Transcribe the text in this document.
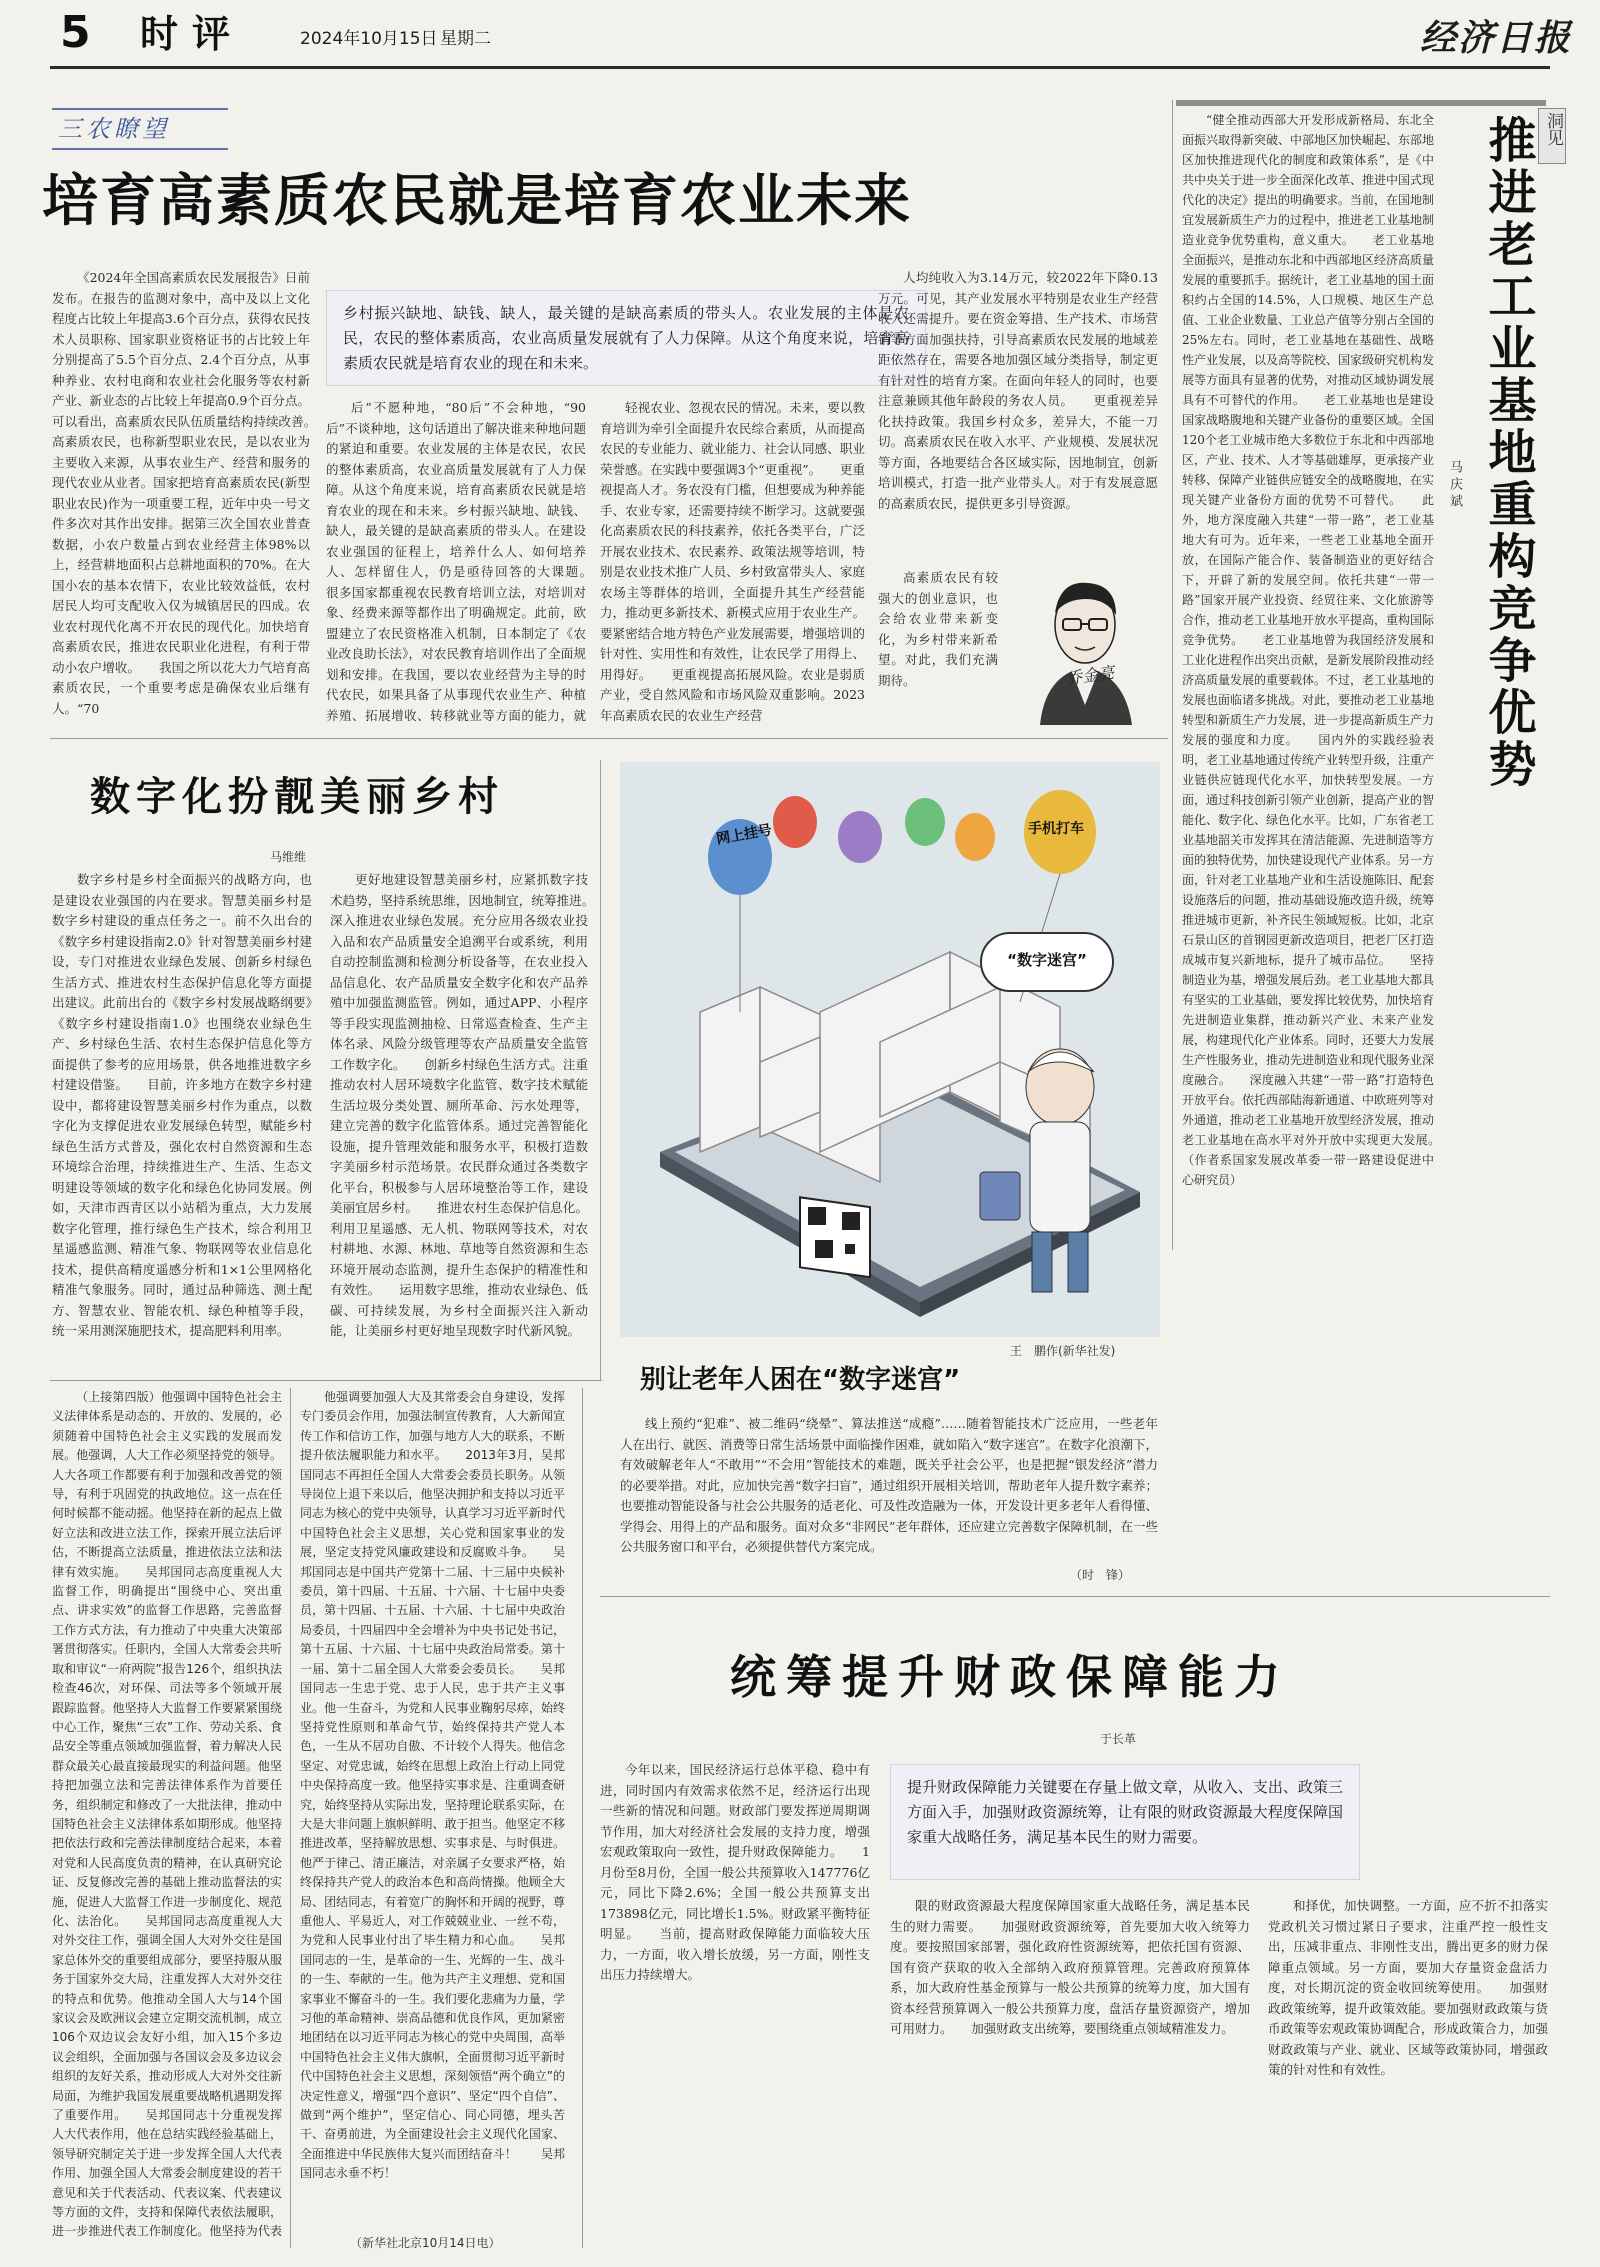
5 时评	2024年10月15日 星期二	经济日报
三农瞭望
培育高素质农民就是培育农业未来

《2024年全国高素质农民发展报告》日前发布。在报告的监测对象中，高中及以上文化程度占比较上年提高3.6个百分点，获得农民技术人员职称、国家职业资格证书的占比较上年分别提高了5.5个百分点、2.4个百分点，从事种养业、农村电商和农业社会化服务等农村新产业、新业态的占比较上年提高0.9个百分点。可以看出，高素质农民队伍质量结构持续改善。　　高素质农民，也称新型职业农民，是以农业为主要收入来源，从事农业生产、经营和服务的现代农业从业者。国家把培育高素质农民(新型职业农民)作为一项重要工程，近年中央一号文件多次对其作出安排。据第三次全国农业普查数据，小农户数量占到农业经营主体98%以上，经营耕地面积占总耕地面积的70%。在大国小农的基本农情下，农业比较效益低，农村居民人均可支配收入仅为城镇居民的四成。农业农村现代化离不开农民的现代化。加快培育高素质农民，推进农民职业化进程，有利于带动小农户增收。　　我国之所以花大力气培育高素质农民，一个重要考虑是确保农业后继有人。“70

乡村振兴缺地、缺钱、缺人，最关键的是缺高素质的带头人。农业发展的主体是农民，农民的整体素质高，农业高质量发展就有了人力保障。从这个角度来说，培育高素质农民就是培育农业的现在和未来。

后”不愿种地，“80后”不会种地，“90后”不谈种地，这句话道出了解决谁来种地问题的紧迫和重要。农业发展的主体是农民，农民的整体素质高，农业高质量发展就有了人力保障。从这个角度来说，培育高素质农民就是培育农业的现在和未来。乡村振兴缺地、缺钱、缺人，最关键的是缺高素质的带头人。在建设农业强国的征程上，培养什么人、如何培养人、怎样留住人，仍是亟待回答的大课题。　　很多国家都重视农民教育培训立法，对培训对象、经费来源等都作出了明确规定。此前，欧盟建立了农民资格准入机制，日本制定了《农业改良助长法》，对农民教育培训作出了全面规划和安排。在我国，要以农业经营为主导的时代农民，如果具备了从事现代农业生产、种植养殖、拓展增收、转移就业等方面的能力，就

轻视农业、忽视农民的情况。未来，要以教育培训为牵引全面提升农民综合素质，从而提高农民的专业能力、就业能力、社会认同感、职业荣誉感。在实践中要强调3个“更重视”。　　更重视提高人才。务农没有门槛，但想要成为种养能手、农业专家，还需要持续不断学习。这就要强化高素质农民的科技素养，依托各类平台，广泛开展农业技术、农民素养、政策法规等培训，特别是农业技术推广人员、乡村致富带头人、家庭农场主等群体的培训，全面提升其生产经营能力，推动更多新技术、新模式应用于农业生产。要紧密结合地方特色产业发展需要，增强培训的针对性、实用性和有效性，让农民学了用得上、用得好。　　更重视提高拓展风险。农业是弱质产业，受自然风险和市场风险双重影响。2023年高素质农民的农业生产经营

人均纯收入为3.14万元，较2022年下降0.13万元。可见，其产业发展水平特别是农业生产经营收入还需提升。要在资金筹措、生产技术、市场营销等方面加强扶持，引导高素质农民发展的地域差距依然存在，需要各地加强区域分类指导，制定更有针对性的培育方案。在面向年轻人的同时，也要注意兼顾其他年龄段的务农人员。　　更重视差异化扶持政策。我国乡村众多，差异大，不能一刀切。高素质农民在收入水平、产业规模、发展状况等方面，各地要结合各区域实际，因地制宜，创新培训模式，打造一批产业带头人。对于有发展意愿的高素质农民，提供更多引导资源。

高素质农民有较强大的创业意识，也会给农业带来新变化，为乡村带来新希望。对此，我们充满期待。	乔金亮

“健全推动西部大开发形成新格局、东北全面振兴取得新突破、中部地区加快崛起、东部地区加快推进现代化的制度和政策体系”，是《中共中央关于进一步全面深化改革、推进中国式现代化的决定》提出的明确要求。当前，在国地制宜发展新质生产力的过程中，推进老工业基地制造业竞争优势重构，意义重大。　　老工业基地全面振兴，是推动东北和中西部地区经济高质量发展的重要抓手。据统计，老工业基地的国土面积约占全国的14.5%，人口规模、地区生产总值、工业企业数量、工业总产值等分别占全国的25%左右。同时，老工业基地在基础性、战略性产业发展，以及高等院校、国家级研究机构发展等方面具有显著的优势，对推动区域协调发展具有不可替代的作用。　　老工业基地也是建设国家战略腹地和关键产业备份的重要区域。全国120个老工业城市绝大多数位于东北和中西部地区，产业、技术、人才等基础雄厚，更承接产业转移、保障产业链供应链安全的战略腹地，在实现关键产业备份方面的优势不可替代。　　此外，地方深度融入共建“一带一路”，老工业基地大有可为。近年来，一些老工业基地全面开放，在国际产能合作、装备制造业的更好结合下，开辟了新的发展空间。依托共建“一带一路”国家开展产业投资、经贸往来、文化旅游等合作，推动老工业基地开放水平提高，重构国际竞争优势。　　老工业基地曾为我国经济发展和工业化进程作出突出贡献，是新发展阶段推动经济高质量发展的重要载体。不过，老工业基地的发展也面临诸多挑战。对此，要推动老工业基地转型和新质生产力发展，进一步提高新质生产力发展的强度和力度。　　国内外的实践经验表明，老工业基地通过传统产业转型升级，注重产业链供应链现代化水平，加快转型发展。一方面，通过科技创新引领产业创新，提高产业的智能化、数字化、绿色化水平。比如，广东省老工业基地韶关市发挥其在清洁能源、先进制造等方面的独特优势，加快建设现代产业体系。另一方面，针对老工业基地产业和生活设施陈旧、配套设施落后的问题，推动基础设施改造升级，统筹推进城市更新，补齐民生领域短板。比如，北京石景山区的首钢园更新改造项目，把老厂区打造成城市复兴新地标，提升了城市品位。　　坚持制造业为基，增强发展后劲。老工业基地大都具有坚实的工业基础，要发挥比较优势，加快培育先进制造业集群，推动新兴产业、未来产业发展，构建现代化产业体系。同时，还要大力发展生产性服务业，推动先进制造业和现代服务业深度融合。　　深度融入共建“一带一路”打造特色开放平台。依托西部陆海新通道、中欧班列等对外通道，推动老工业基地开放型经济发展，推动老工业基地在高水平对外开放中实现更大发展。　　（作者系国家发展改革委一带一路建设促进中心研究员）

洞见
推进老工业基地重构竞争优势
马庆斌
数字化扮靓美丽乡村
马维维

数字乡村是乡村全面振兴的战略方向，也是建设农业强国的内在要求。智慧美丽乡村是数字乡村建设的重点任务之一。前不久出台的《数字乡村建设指南2.0》针对智慧美丽乡村建设，专门对推进农业绿色发展、创新乡村绿色生活方式、推进农村生态保护信息化等方面提出建议。此前出台的《数字乡村发展战略纲要》《数字乡村建设指南1.0》也围绕农业绿色生产、乡村绿色生活、农村生态保护信息化等方面提供了参考的应用场景，供各地推进数字乡村建设借鉴。　　目前，许多地方在数字乡村建设中，都将建设智慧美丽乡村作为重点，以数字化为支撑促进农业发展绿色转型，赋能乡村绿色生活方式普及，强化农村自然资源和生态环境综合治理，持续推进生产、生活、生态文明建设等领域的数字化和绿色化协同发展。例如，天津市西青区以小站稻为重点，大力发展数字化管理，推行绿色生产技术，综合利用卫星遥感监测、精准气象、物联网等农业信息化技术，提供高精度遥感分析和1×1公里网格化精准气象服务。同时，通过品种筛选、测土配方、智慧农业、智能农机、绿色种植等手段，统一采用测深施肥技术，提高肥料利用率。

更好地建设智慧美丽乡村，应紧抓数字技术趋势，坚持系统思维，因地制宜，统筹推进。　　深入推进农业绿色发展。充分应用各级农业投入品和农产品质量安全追溯平台或系统，利用自动控制监测和检测分析设备等，在农业投入品信息化、农产品质量安全数字化和农产品养殖中加强监测监管。例如，通过APP、小程序等手段实现监测抽检、日常巡查检查、生产主体名录、风险分级管理等农产品质量安全监管工作数字化。　　创新乡村绿色生活方式。注重推动农村人居环境数字化监管、数字技术赋能生活垃圾分类处置、厕所革命、污水处理等，建立完善的数字化监管体系。通过完善智能化设施，提升管理效能和服务水平，积极打造数字美丽乡村示范场景。农民群众通过各类数字化平台，积极参与人居环境整治等工作，建设美丽宜居乡村。　　推进农村生态保护信息化。利用卫星遥感、无人机、物联网等技术，对农村耕地、水源、林地、草地等自然资源和生态环境开展动态监测，提升生态保护的精准性和有效性。　　运用数字思维，推动农业绿色、低碳、可持续发展，为乡村全面振兴注入新动能，让美丽乡村更好地呈现数字时代新风貌。

网上挂号	手机打车
“数字迷宫”
王　鹏作(新华社发)
别让老年人困在“数字迷宫”

线上预约“犯难”、被二维码“绕晕”、算法推送“成瘾”……随着智能技术广泛应用，一些老年人在出行、就医、消费等日常生活场景中面临操作困难，就如陷入“数字迷宫”。在数字化浪潮下，有效破解老年人“不敢用”“不会用”智能技术的难题，既关乎社会公平，也是把握“银发经济”潜力的必要举措。对此，应加快完善“数字扫盲”，通过组织开展相关培训，帮助老年人提升数字素养；也要推动智能设备与社会公共服务的适老化、可及性改造融为一体，开发设计更多老年人看得懂、学得会、用得上的产品和服务。面对众多“非网民”老年群体，还应建立完善数字保障机制，在一些公共服务窗口和平台，必须提供替代方案完成。

（时　锋）

（上接第四版）他强调中国特色社会主义法律体系是动态的、开放的、发展的，必须随着中国特色社会主义实践的发展而发展。他强调，人大工作必须坚持党的领导。人大各项工作都要有利于加强和改善党的领导，有利于巩固党的执政地位。这一点在任何时候都不能动摇。他坚持在新的起点上做好立法和改进立法工作，探索开展立法后评估，不断提高立法质量，推进依法立法和法律有效实施。　　吴邦国同志高度重视人大监督工作，明确提出“围绕中心、突出重点、讲求实效”的监督工作思路，完善监督工作方式方法，有力推动了中央重大决策部署贯彻落实。任职内，全国人大常委会共听取和审议“一府两院”报告126个，组织执法检查46次，对环保、司法等多个领域开展跟踪监督。他坚持人大监督工作要紧紧围绕中心工作，聚焦“三农”工作、劳动关系、食品安全等重点领域加强监督，着力解决人民群众最关心最直接最现实的利益问题。他坚持把加强立法和完善法律体系作为首要任务，组织制定和修改了一大批法律，推动中国特色社会主义法律体系如期形成。他坚持把依法行政和完善法律制度结合起来，本着对党和人民高度负责的精神，在认真研究论证、反复修改完善的基础上推动监督法的实施，促进人大监督工作进一步制度化、规范化、法治化。　　吴邦国同志高度重视人大对外交往工作，强调全国人大对外交往是国家总体外交的重要组成部分，要坚持服从服务于国家外交大局，注重发挥人大对外交往的特点和优势。他推动全国人大与14个国家议会及欧洲议会建立定期交流机制，成立106个双边议会友好小组，加入15个多边议会组织，全面加强与各国议会及多边议会组织的友好关系，推动形成人大对外交往新局面，为维护我国发展重要战略机遇期发挥了重要作用。　　吴邦国同志十分重视发挥人大代表作用，他在总结实践经验基础上，领导研究制定关于进一步发挥全国人大代表作用、加强全国人大常委会制度建设的若干意见和关于代表活动、代表议案、代表建议等方面的文件，支持和保障代表依法履职，进一步推进代表工作制度化。他坚持为代表

他强调要加强人大及其常委会自身建设，发挥专门委员会作用，加强法制宣传教育，人大新闻宣传工作和信访工作，加强与地方人大的联系，不断提升依法履职能力和水平。　　2013年3月，吴邦国同志不再担任全国人大常委会委员长职务。从领导岗位上退下来以后，他坚决拥护和支持以习近平同志为核心的党中央领导，认真学习习近平新时代中国特色社会主义思想，关心党和国家事业的发展，坚定支持党风廉政建设和反腐败斗争。　　吴邦国同志是中国共产党第十二届、十三届中央候补委员，第十四届、十五届、十六届、十七届中央委员，第十四届、十五届、十六届、十七届中央政治局委员，十四届四中全会增补为中央书记处书记，第十五届、十六届、十七届中央政治局常委。第十一届、第十二届全国人大常委会委员长。　　吴邦国同志一生忠于党、忠于人民，忠于共产主义事业。他一生奋斗，为党和人民事业鞠躬尽瘁，始终坚持党性原则和革命气节，始终保持共产党人本色，一生从不居功自傲、不计较个人得失。他信念坚定、对党忠诚，始终在思想上政治上行动上同党中央保持高度一致。他坚持实事求是、注重调查研究，始终坚持从实际出发，坚持理论联系实际，在大是大非问题上旗帜鲜明、敢于担当。他坚定不移推进改革，坚持解放思想、实事求是、与时俱进。他严于律己、清正廉洁，对亲属子女要求严格，始终保持共产党人的政治本色和高尚情操。他顾全大局、团结同志，有着宽广的胸怀和开阔的视野，尊重他人、平易近人，对工作兢兢业业、一丝不苟，为党和人民事业付出了毕生精力和心血。　　吴邦国同志的一生，是革命的一生、光辉的一生、战斗的一生、奉献的一生。他为共产主义理想、党和国家事业不懈奋斗的一生。我们要化悲痛为力量，学习他的革命精神、崇高品德和优良作风，更加紧密地团结在以习近平同志为核心的党中央周围，高举中国特色社会主义伟大旗帜，全面贯彻习近平新时代中国特色社会主义思想，深刻领悟“两个确立”的决定性意义，增强“四个意识”、坚定“四个自信”、做到“两个维护”，坚定信心、同心同德，埋头苦干、奋勇前进，为全面建设社会主义现代化国家、全面推进中华民族伟大复兴而团结奋斗！　　吴邦国同志永垂不朽！

（新华社北京10月14日电）
统筹提升财政保障能力
于长革

今年以来，国民经济运行总体平稳、稳中有进，同时国内有效需求依然不足，经济运行出现一些新的情况和问题。财政部门要发挥逆周期调节作用，加大对经济社会发展的支持力度，增强宏观政策取向一致性，提升财政保障能力。　　1月份至8月份，全国一般公共预算收入147776亿元，同比下降2.6%；全国一般公共预算支出173898亿元，同比增长1.5%。财政紧平衡特征明显。　　当前，提高财政保障能力面临较大压力，一方面，收入增长放缓，另一方面，刚性支出压力持续增大。

提升财政保障能力关键要在存量上做文章，从收入、支出、政策三方面入手，加强财政资源统筹，让有限的财政资源最大程度保障国家重大战略任务，满足基本民生的财力需要。

限的财政资源最大程度保障国家重大战略任务，满足基本民生的财力需要。　　加强财政资源统筹，首先要加大收入统筹力度。要按照国家部署，强化政府性资源统筹，把依托国有资源、国有资产获取的收入全部纳入政府预算管理。完善政府预算体系，加大政府性基金预算与一般公共预算的统筹力度，加大国有资本经营预算调入一般公共预算力度，盘活存量资源资产，增加可用财力。　　加强财政支出统筹，要围绕重点领域精准发力。

和择优，加快调整。一方面，应不折不扣落实党政机关习惯过紧日子要求，注重严控一般性支出，压减非重点、非刚性支出，腾出更多的财力保障重点领域。另一方面，要加大存量资金盘活力度，对长期沉淀的资金收回统筹使用。　　加强财政政策统筹，提升政策效能。要加强财政政策与货币政策等宏观政策协调配合，形成政策合力，加强财政政策与产业、就业、区域等政策协同，增强政策的针对性和有效性。
